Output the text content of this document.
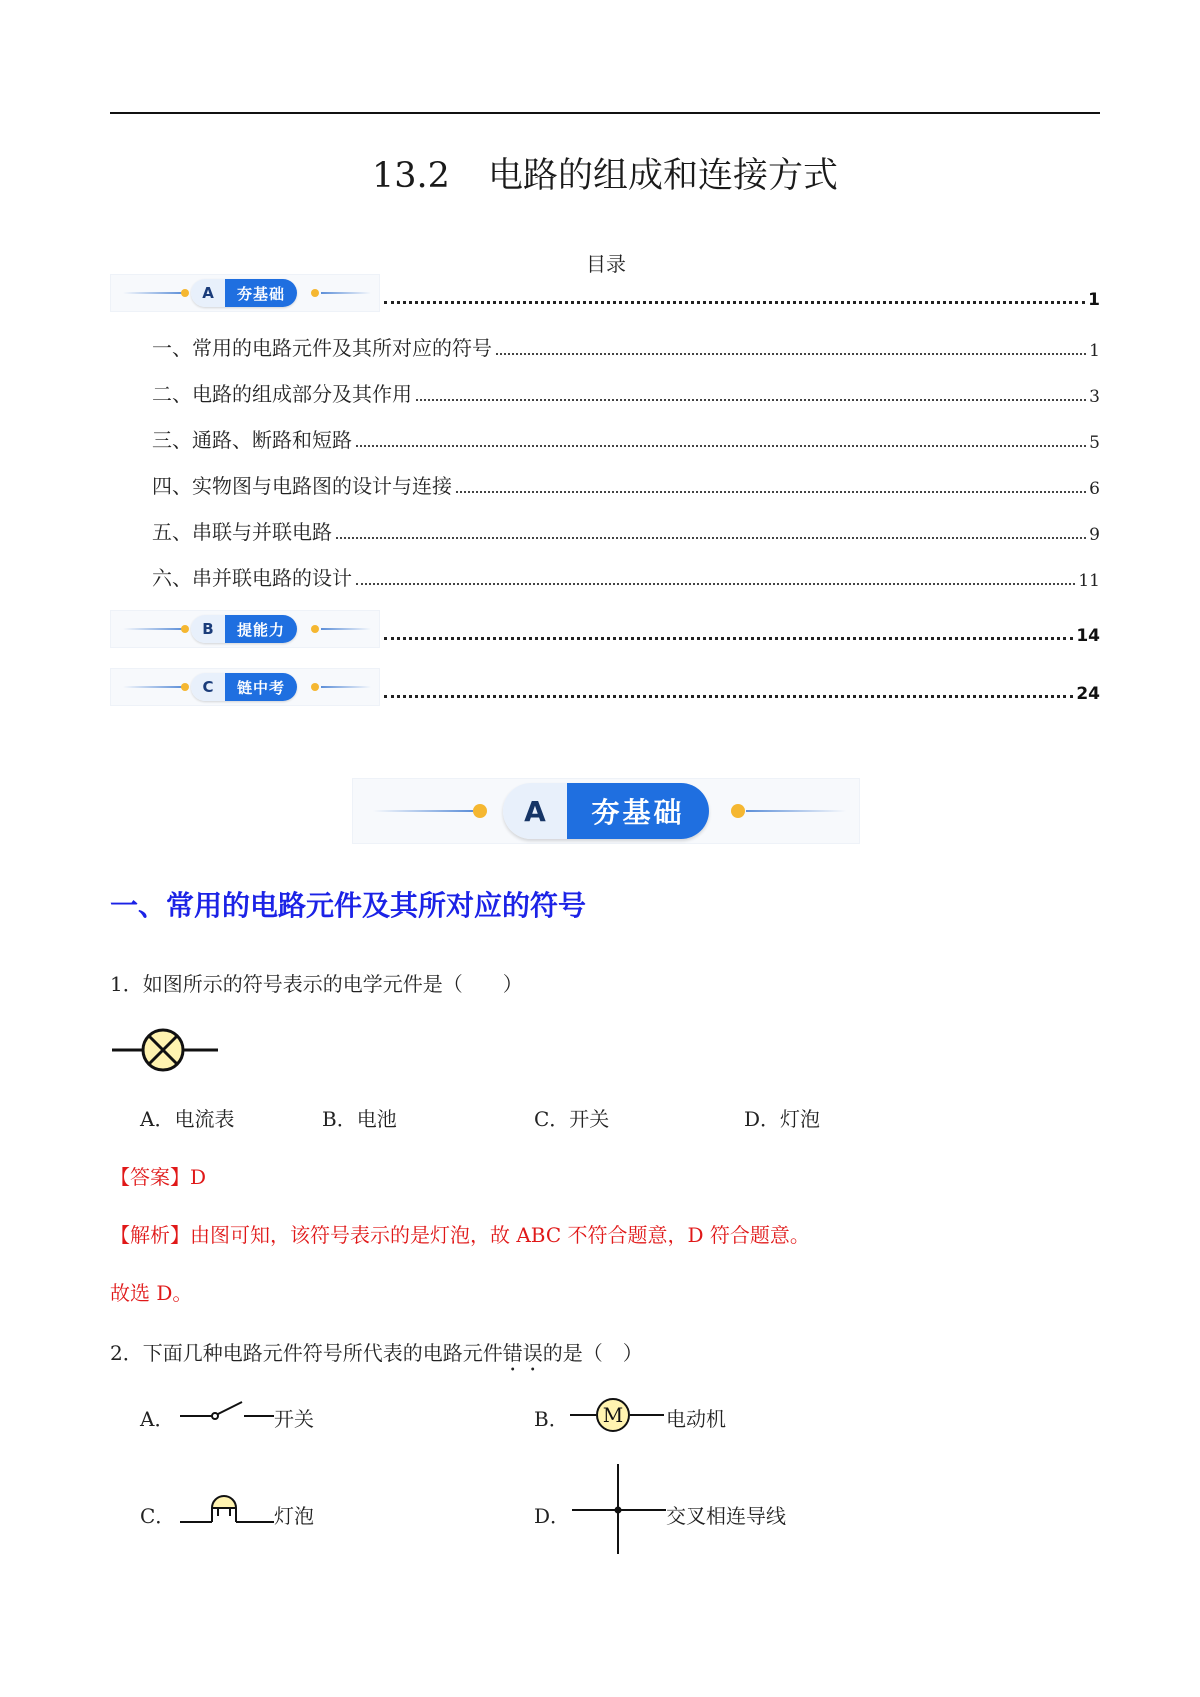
13.2 电路的组成和连接方式
目录
A	夯基础	1
一、常用的电路元件及其所对应的符号	1
二、电路的组成部分及其作用	3
三、通路、断路和短路	5
四、实物图与电路图的设计与连接	6
五、串联与并联电路	9
六、串并联电路的设计	11
B	提能力	14
C	链中考	24
A	夯基础
一、常用的电路元件及其所对应的符号
1．如图所示的符号表示的电学元件是（　　）
A．电流表	B．电池	C．开关	D．灯泡
【答案】D
【解析】由图可知，该符号表示的是灯泡，故 ABC 不符合题意，D 符合题意。
故选 D。
2．下面几种电路元件符号所代表的电路元件错误的是（　）
A．	开关	B．	M	电动机
C．	灯泡	D．	交叉相连导线
